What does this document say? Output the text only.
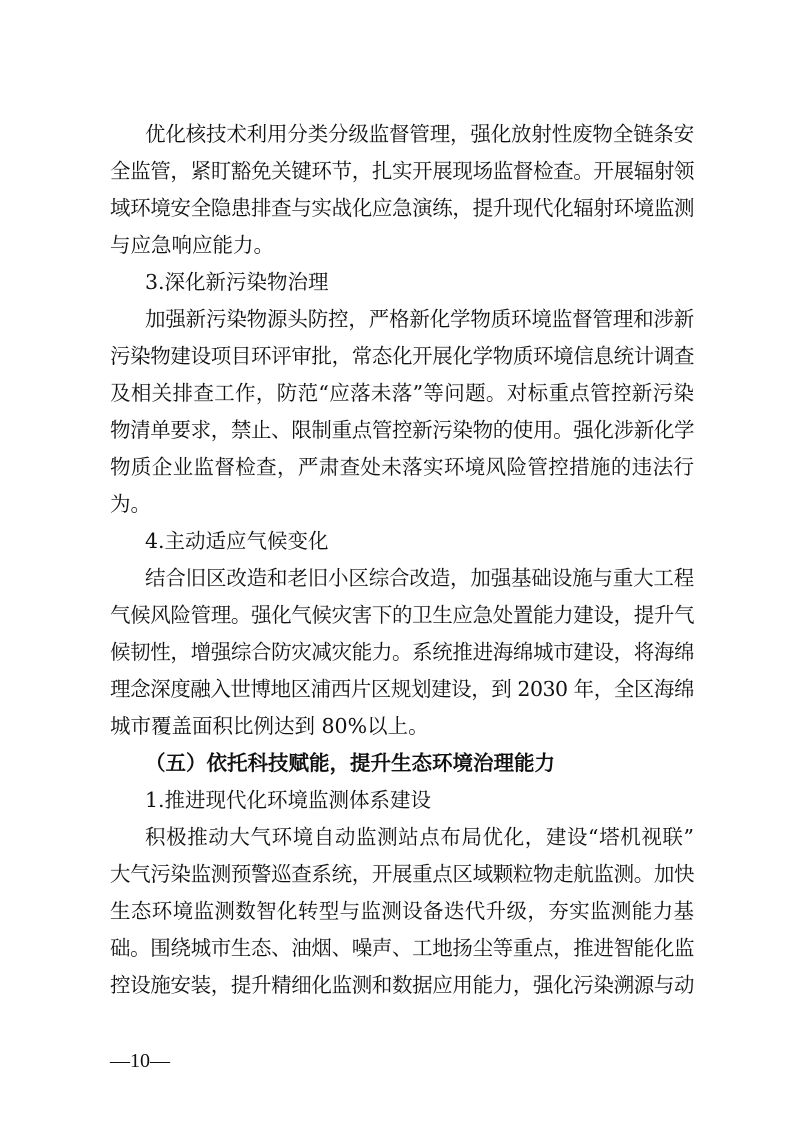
优化核技术利用分类分级监督管理，强化放射性废物全链条安
全监管，紧盯豁免关键环节，扎实开展现场监督检查。开展辐射领
域环境安全隐患排查与实战化应急演练，提升现代化辐射环境监测
与应急响应能力。
3.深化新污染物治理
加强新污染物源头防控，严格新化学物质环境监督管理和涉新
污染物建设项目环评审批，常态化开展化学物质环境信息统计调查
及相关排查工作，防范“应落未落”等问题。对标重点管控新污染
物清单要求，禁止、限制重点管控新污染物的使用。强化涉新化学
物质企业监督检查，严肃查处未落实环境风险管控措施的违法行
为。
4.主动适应气候变化
结合旧区改造和老旧小区综合改造，加强基础设施与重大工程
气候风险管理。强化气候灾害下的卫生应急处置能力建设，提升气
候韧性，增强综合防灾减灾能力。系统推进海绵城市建设，将海绵
理念深度融入世博地区浦西片区规划建设，到 2030 年，全区海绵
城市覆盖面积比例达到 80%以上。
（五）依托科技赋能，提升生态环境治理能力
1.推进现代化环境监测体系建设
积极推动大气环境自动监测站点布局优化，建设“塔机视联”
大气污染监测预警巡查系统，开展重点区域颗粒物走航监测。加快
生态环境监测数智化转型与监测设备迭代升级，夯实监测能力基
础。围绕城市生态、油烟、噪声、工地扬尘等重点，推进智能化监
控设施安装，提升精细化监测和数据应用能力，强化污染溯源与动
—10—
